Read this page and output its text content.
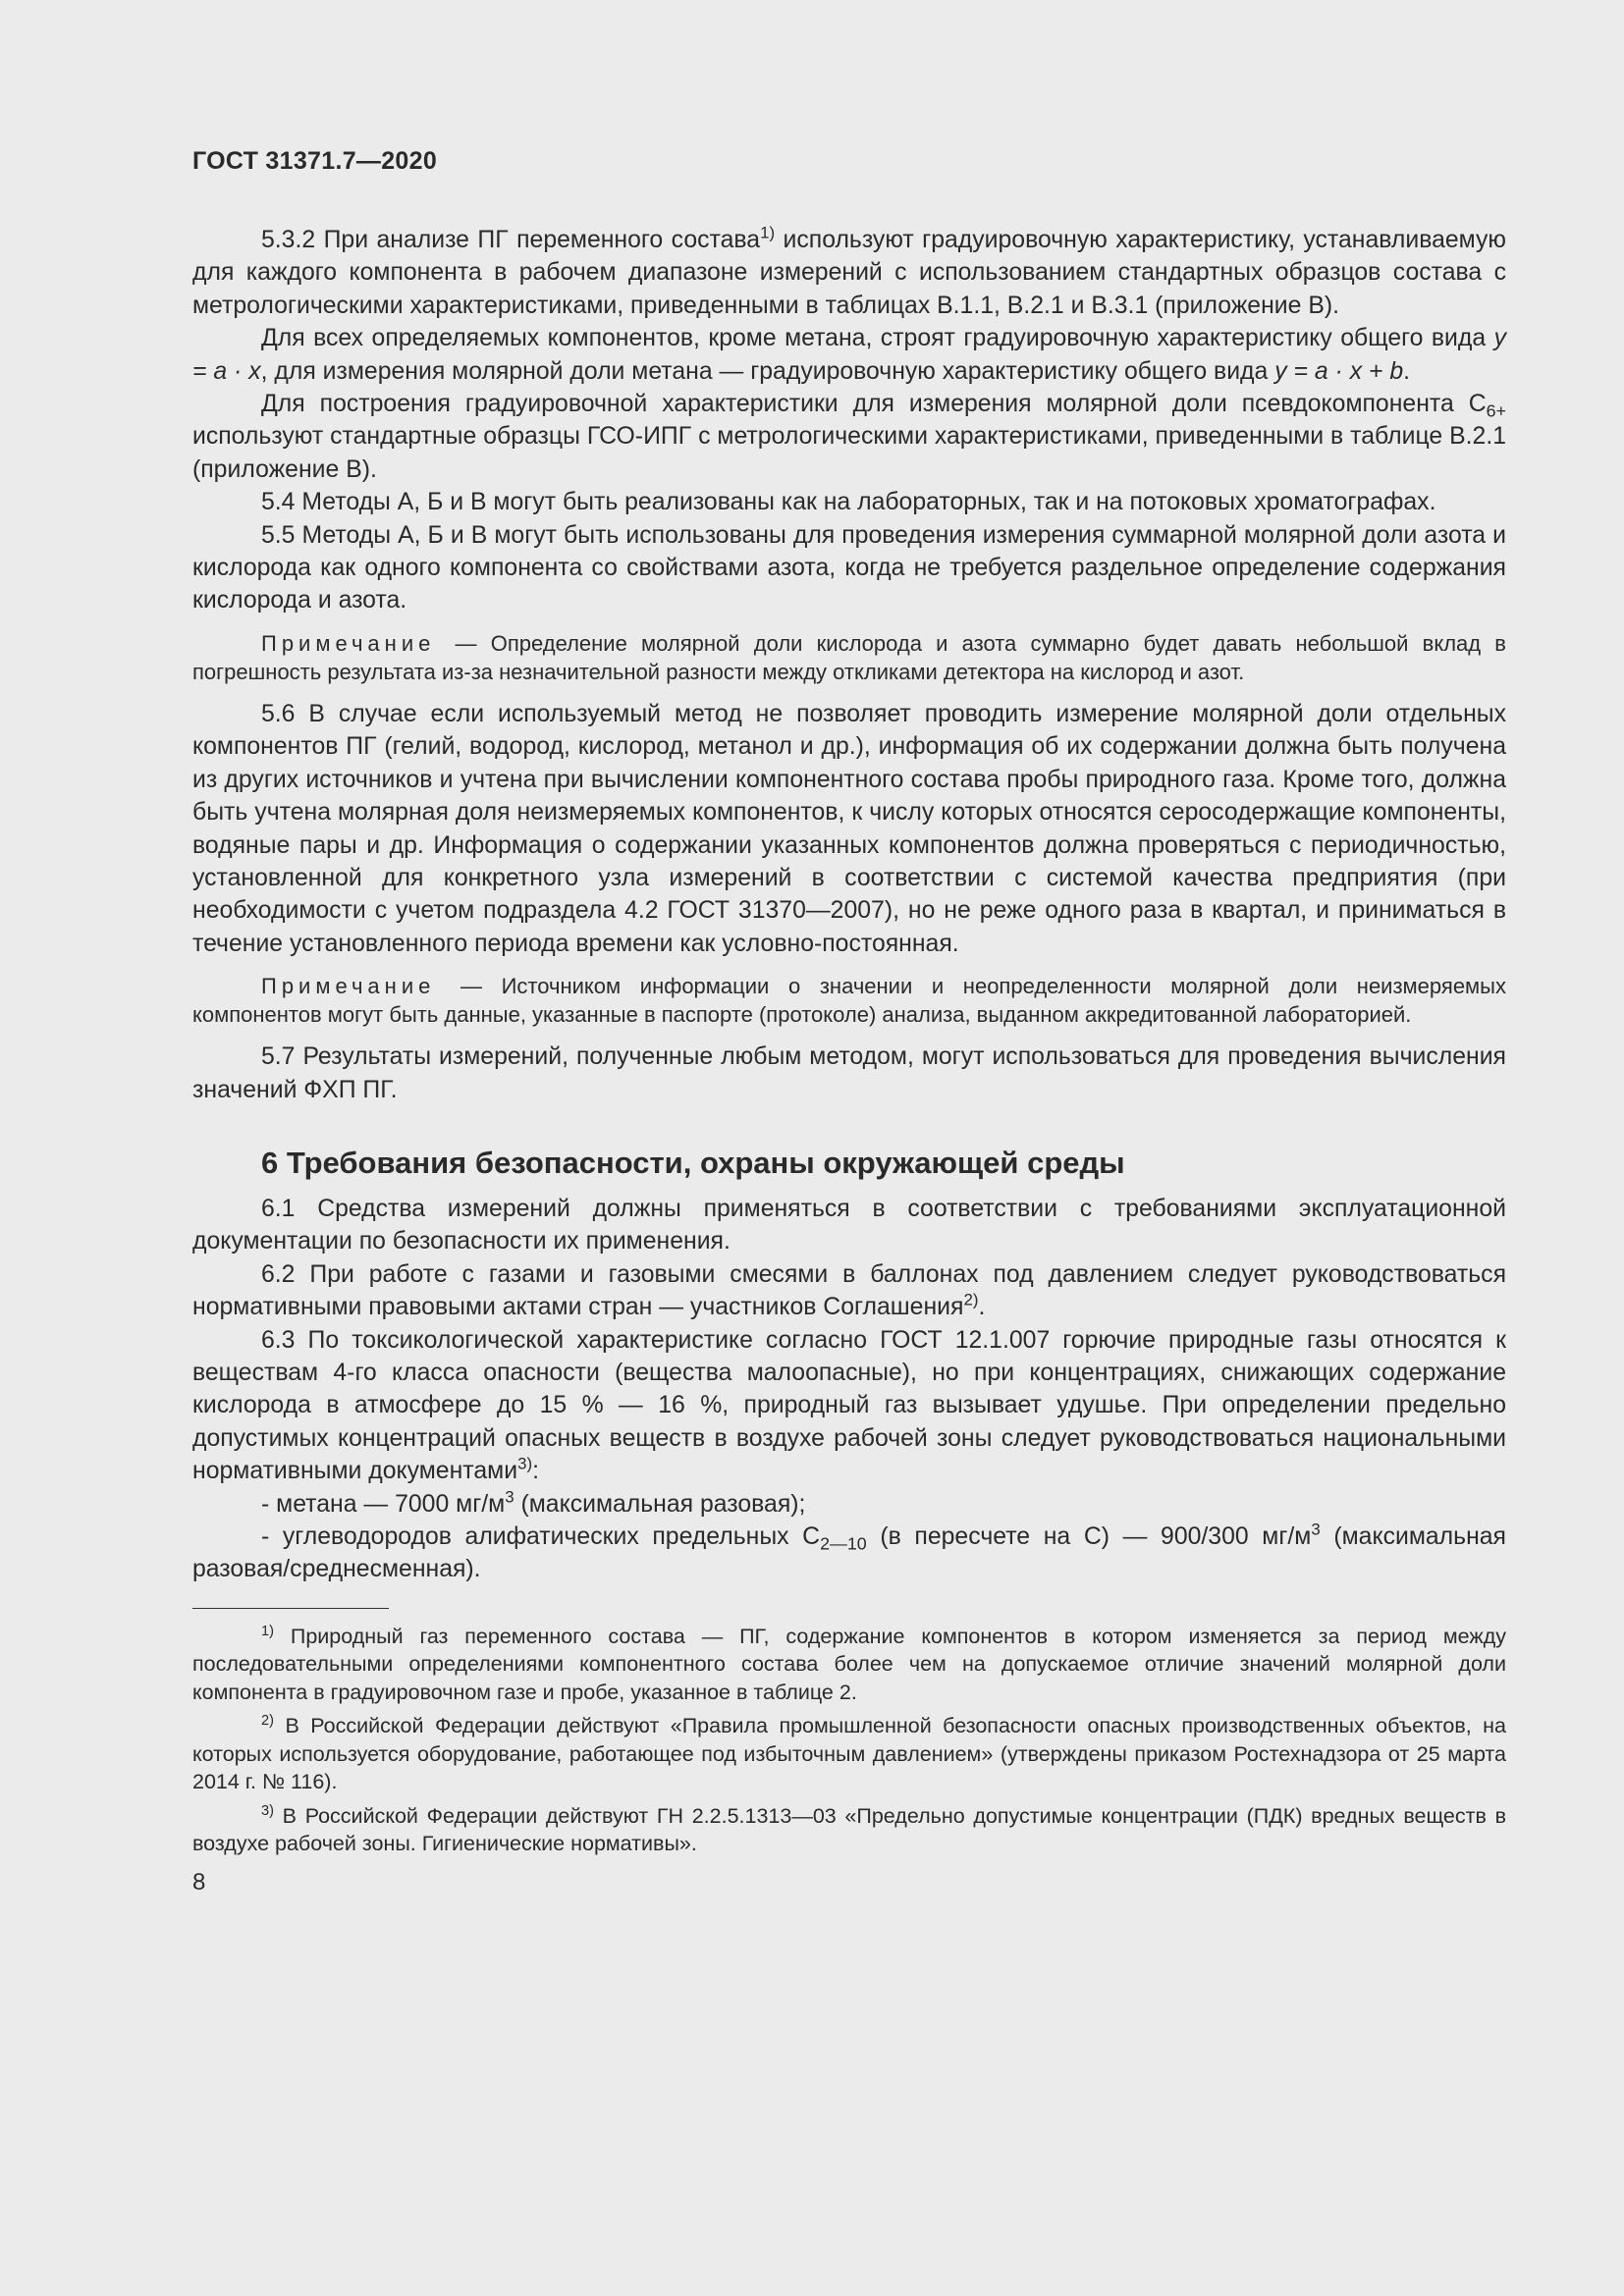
ГОСТ 31371.7—2020

5.3.2 При анализе ПГ переменного состава$^{1)}$ используют градуировочную характеристику, устанавливаемую для каждого компонента в рабочем диапазоне измерений с использованием стандартных образцов состава с метрологическими характеристиками, приведенными в таблицах В.1.1, В.2.1 и В.3.1 (приложение В).

Для всех определяемых компонентов, кроме метана, строят градуировочную характеристику общего вида y = a · x, для измерения молярной доли метана — градуировочную характеристику общего вида y = a · x + b.

Для построения градуировочной характеристики для измерения молярной доли псевдокомпонента $С_{6+}$ используют стандартные образцы ГСО-ИПГ с метрологическими характеристиками, приведенными в таблице В.2.1 (приложение В).

5.4 Методы А, Б и В могут быть реализованы как на лабораторных, так и на потоковых хроматографах.

5.5 Методы А, Б и В могут быть использованы для проведения измерения суммарной молярной доли азота и кислорода как одного компонента со свойствами азота, когда не требуется раздельное определение содержания кислорода и азота.

Примечание — Определение молярной доли кислорода и азота суммарно будет давать небольшой вклад в погрешность результата из-за незначительной разности между откликами детектора на кислород и азот.

5.6 В случае если используемый метод не позволяет проводить измерение молярной доли отдельных компонентов ПГ (гелий, водород, кислород, метанол и др.), информация об их содержании должна быть получена из других источников и учтена при вычислении компонентного состава пробы природного газа. Кроме того, должна быть учтена молярная доля неизмеряемых компонентов, к числу которых относятся серосодержащие компоненты, водяные пары и др. Информация о содержании указанных компонентов должна проверяться с периодичностью, установленной для конкретного узла измерений в соответствии с системой качества предприятия (при необходимости с учетом подраздела 4.2 ГОСТ 31370—2007), но не реже одного раза в квартал, и приниматься в течение установленного периода времени как условно-постоянная.

Примечание — Источником информации о значении и неопределенности молярной доли неизмеряемых компонентов могут быть данные, указанные в паспорте (протоколе) анализа, выданном аккредитованной лабораторией.

5.7 Результаты измерений, полученные любым методом, могут использоваться для проведения вычисления значений ФХП ПГ.

6 Требования безопасности, охраны окружающей среды

6.1 Средства измерений должны применяться в соответствии с требованиями эксплуатационной документации по безопасности их применения.

6.2 При работе с газами и газовыми смесями в баллонах под давлением следует руководствоваться нормативными правовыми актами стран — участников Соглашения$^{2)}$.

6.3 По токсикологической характеристике согласно ГОСТ 12.1.007 горючие природные газы относятся к веществам 4-го класса опасности (вещества малоопасные), но при концентрациях, снижающих содержание кислорода в атмосфере до 15 % — 16 %, природный газ вызывает удушье. При определении предельно допустимых концентраций опасных веществ в воздухе рабочей зоны следует руководствоваться национальными нормативными документами$^{3)}$:

- метана — 7000 $мг/м^3$ (максимальная разовая);

- углеводородов алифатических предельных $С_{2—10}$ (в пересчете на С) — 900/300 $мг/м^3$ (максимальная разовая/среднесменная).

$^{1)}$ Природный газ переменного состава — ПГ, содержание компонентов в котором изменяется за период между последовательными определениями компонентного состава более чем на допускаемое отличие значений молярной доли компонента в градуировочном газе и пробе, указанное в таблице 2.

$^{2)}$ В Российской Федерации действуют «Правила промышленной безопасности опасных производственных объектов, на которых используется оборудование, работающее под избыточным давлением» (утверждены приказом Ростехнадзора от 25 марта 2014 г. № 116).

$^{3)}$ В Российской Федерации действуют ГН 2.2.5.1313—03 «Предельно допустимые концентрации (ПДК) вредных веществ в воздухе рабочей зоны. Гигиенические нормативы».

8
